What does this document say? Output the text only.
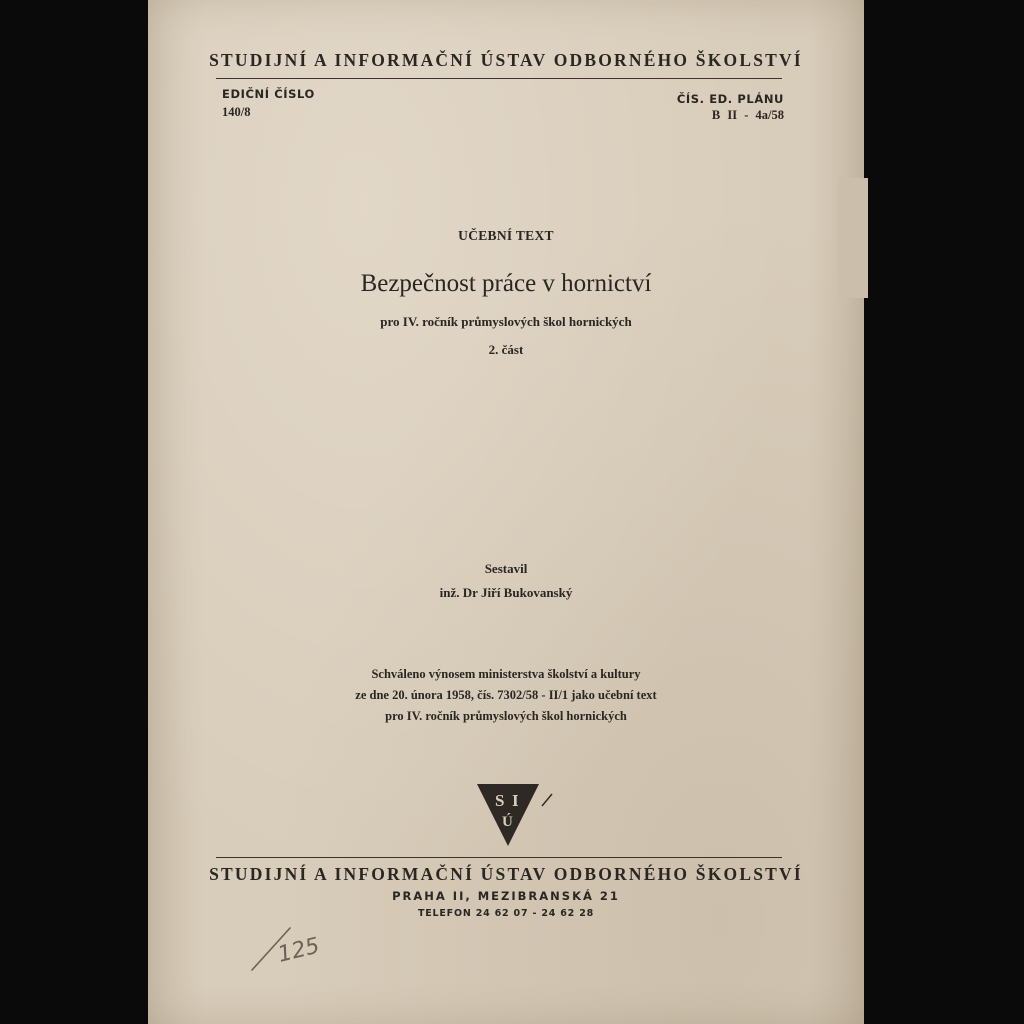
STUDIJNÍ A INFORMAČNÍ ÚSTAV ODBORNÉHO ŠKOLSTVÍ
EDIČNÍ ČÍSLO
140/8
ČÍS. ED. PLÁNU
B II - 4a/58
UČEBNÍ TEXT
Bezpečnost práce v hornictví
pro IV. ročník průmyslových škol hornických
2. část
Sestavil
inž. Dr Jiří Bukovanský
Schváleno výnosem ministerstva školství a kultury
ze dne 20. února 1958, čís. 7302/58 - II/1 jako učební text
pro IV. ročník průmyslových škol hornických
S I
Ú
STUDIJNÍ A INFORMAČNÍ ÚSTAV ODBORNÉHO ŠKOLSTVÍ
PRAHA II, MEZIBRANSKÁ 21
TELEFON 24 62 07 - 24 62 28
125
